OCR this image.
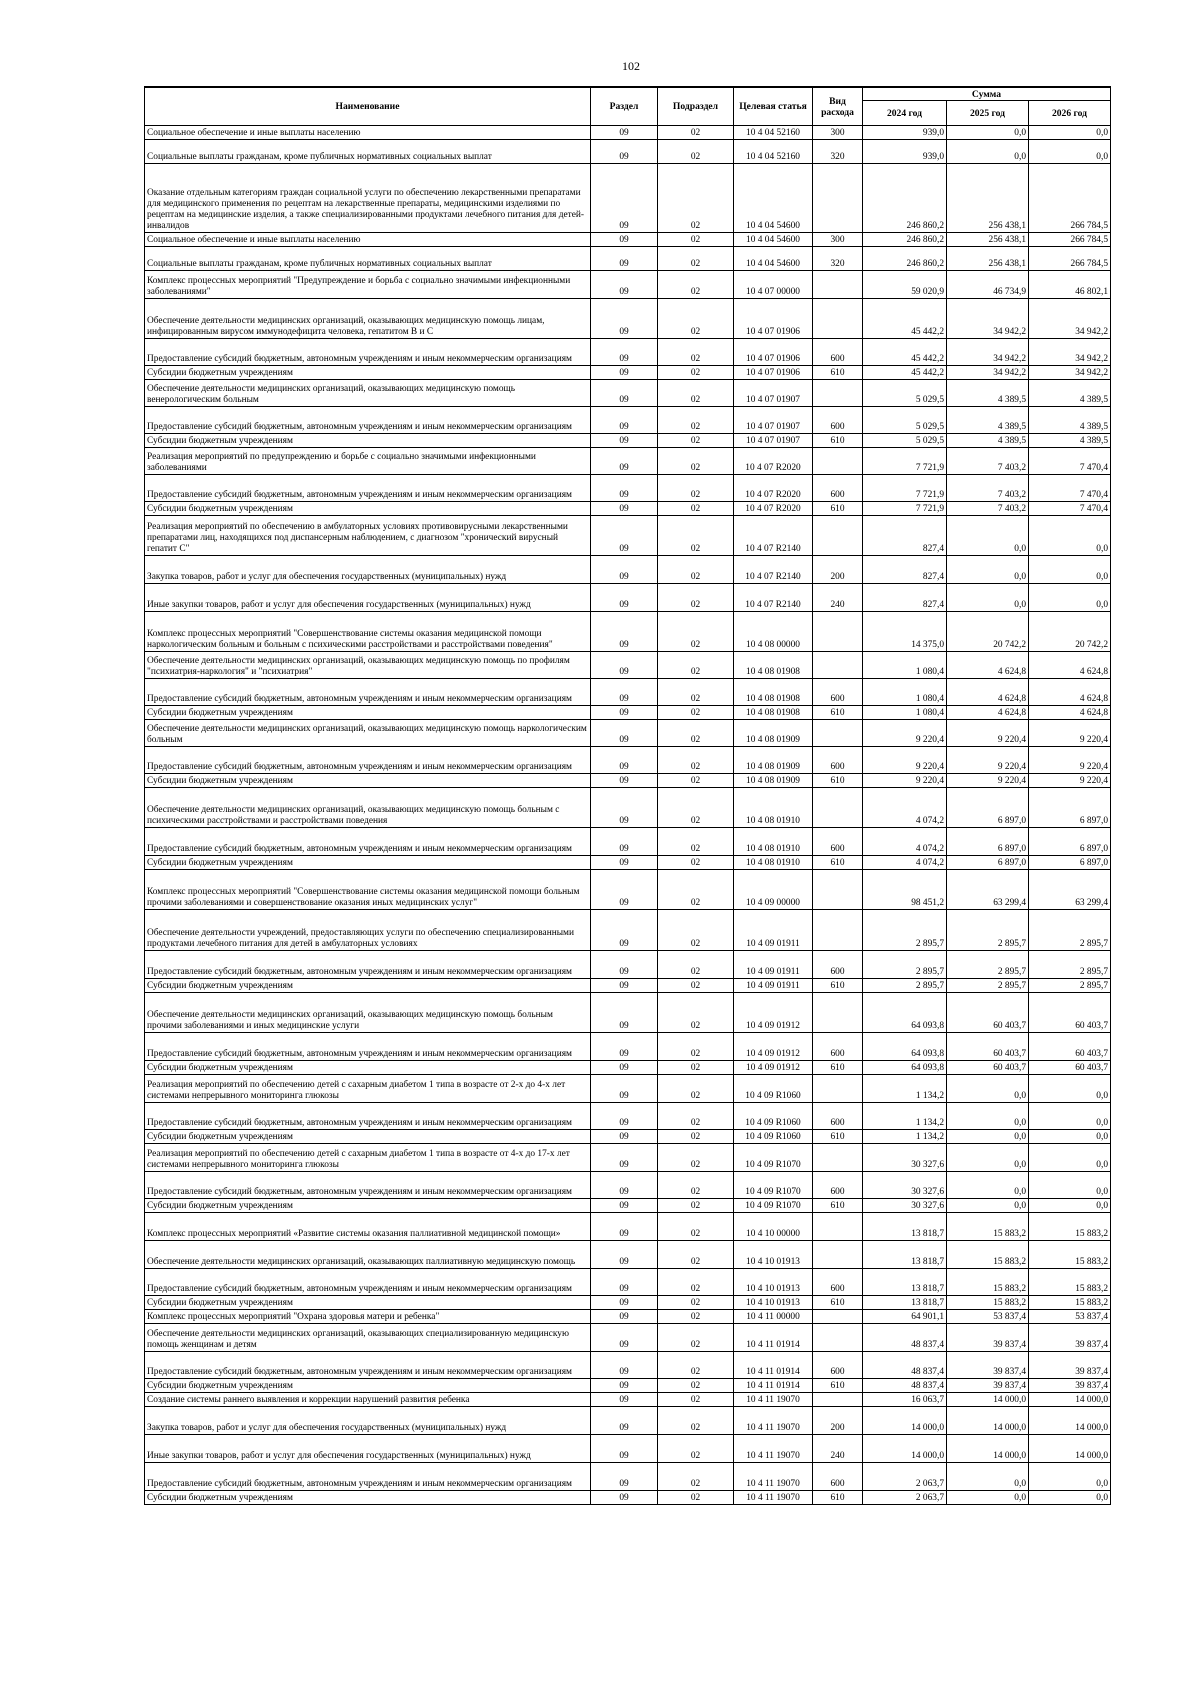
102
Наименование	Раздел	Подраздел	Целевая статья	Вид расхода	Сумма		
					2024 год	2025 год	2026 год
Социальное обеспечение и иные выплаты населению	09	02	10 4 04 52160	300	939,0	0,0	0,0
Социальные выплаты гражданам, кроме публичных нормативных социальных выплат	09	02	10 4 04 52160	320	939,0	0,0	0,0
Оказание отдельным категориям граждан социальной услуги по обеспечению лекарственными препаратами для медицинского применения по рецептам на лекарственные препараты, медицинскими изделиями по рецептам на медицинские изделия, а также специализированными продуктами лечебного питания для детей-инвалидов	09	02	10 4 04 54600		246 860,2	256 438,1	266 784,5
Социальное обеспечение и иные выплаты населению	09	02	10 4 04 54600	300	246 860,2	256 438,1	266 784,5
Социальные выплаты гражданам, кроме публичных нормативных социальных выплат	09	02	10 4 04 54600	320	246 860,2	256 438,1	266 784,5
Комплекс процессных мероприятий "Предупреждение и борьба с социально значимыми инфекционными заболеваниями"	09	02	10 4 07 00000		59 020,9	46 734,9	46 802,1
Обеспечение деятельности медицинских организаций, оказывающих медицинскую помощь лицам, инфицированным вирусом иммунодефицита человека, гепатитом В и С	09	02	10 4 07 01906		45 442,2	34 942,2	34 942,2
Предоставление субсидий бюджетным, автономным учреждениям и иным некоммерческим организациям	09	02	10 4 07 01906	600	45 442,2	34 942,2	34 942,2
Субсидии бюджетным учреждениям	09	02	10 4 07 01906	610	45 442,2	34 942,2	34 942,2
Обеспечение деятельности медицинских организаций, оказывающих медицинскую помощь венерологическим больным	09	02	10 4 07 01907		5 029,5	4 389,5	4 389,5
Предоставление субсидий бюджетным, автономным учреждениям и иным некоммерческим организациям	09	02	10 4 07 01907	600	5 029,5	4 389,5	4 389,5
Субсидии бюджетным учреждениям	09	02	10 4 07 01907	610	5 029,5	4 389,5	4 389,5
Реализация мероприятий по предупреждению и борьбе с социально значимыми инфекционными заболеваниями	09	02	10 4 07 R2020		7 721,9	7 403,2	7 470,4
Предоставление субсидий бюджетным, автономным учреждениям и иным некоммерческим организациям	09	02	10 4 07 R2020	600	7 721,9	7 403,2	7 470,4
Субсидии бюджетным учреждениям	09	02	10 4 07 R2020	610	7 721,9	7 403,2	7 470,4
Реализация мероприятий по обеспечению в амбулаторных условиях противовирусными лекарственными препаратами лиц, находящихся под диспансерным наблюдением, с диагнозом "хронический вирусный гепатит С"	09	02	10 4 07 R2140		827,4	0,0	0,0
Закупка товаров, работ и услуг для обеспечения государственных (муниципальных) нужд	09	02	10 4 07 R2140	200	827,4	0,0	0,0
Иные закупки товаров, работ и услуг для обеспечения государственных (муниципальных) нужд	09	02	10 4 07 R2140	240	827,4	0,0	0,0
Комплекс процессных мероприятий "Совершенствование системы оказания медицинской помощи наркологическим больным и больным с психическими расстройствами и расстройствами поведения"	09	02	10 4 08 00000		14 375,0	20 742,2	20 742,2
Обеспечение деятельности медицинских организаций, оказывающих медицинскую помощь по профилям "психиатрия-наркология" и "психиатрия"	09	02	10 4 08 01908		1 080,4	4 624,8	4 624,8
Предоставление субсидий бюджетным, автономным учреждениям и иным некоммерческим организациям	09	02	10 4 08 01908	600	1 080,4	4 624,8	4 624,8
Субсидии бюджетным учреждениям	09	02	10 4 08 01908	610	1 080,4	4 624,8	4 624,8
Обеспечение деятельности медицинских организаций, оказывающих медицинскую помощь наркологическим больным	09	02	10 4 08 01909		9 220,4	9 220,4	9 220,4
Предоставление субсидий бюджетным, автономным учреждениям и иным некоммерческим организациям	09	02	10 4 08 01909	600	9 220,4	9 220,4	9 220,4
Субсидии бюджетным учреждениям	09	02	10 4 08 01909	610	9 220,4	9 220,4	9 220,4
Обеспечение деятельности медицинских организаций, оказывающих медицинскую помощь больным с психическими расстройствами и расстройствами поведения	09	02	10 4 08 01910		4 074,2	6 897,0	6 897,0
Предоставление субсидий бюджетным, автономным учреждениям и иным некоммерческим организациям	09	02	10 4 08 01910	600	4 074,2	6 897,0	6 897,0
Субсидии бюджетным учреждениям	09	02	10 4 08 01910	610	4 074,2	6 897,0	6 897,0
Комплекс процессных мероприятий "Совершенствование системы оказания медицинской помощи больным прочими заболеваниями и совершенствование оказания иных медицинских услуг"	09	02	10 4 09 00000		98 451,2	63 299,4	63 299,4
Обеспечение деятельности учреждений, предоставляющих услуги по обеспечению специализированными продуктами лечебного питания для детей в амбулаторных условиях	09	02	10 4 09 01911		2 895,7	2 895,7	2 895,7
Предоставление субсидий бюджетным, автономным учреждениям и иным некоммерческим организациям	09	02	10 4 09 01911	600	2 895,7	2 895,7	2 895,7
Субсидии бюджетным учреждениям	09	02	10 4 09 01911	610	2 895,7	2 895,7	2 895,7
Обеспечение деятельности медицинских организаций, оказывающих медицинскую помощь больным прочими заболеваниями и иных медицинские услуги	09	02	10 4 09 01912		64 093,8	60 403,7	60 403,7
Предоставление субсидий бюджетным, автономным учреждениям и иным некоммерческим организациям	09	02	10 4 09 01912	600	64 093,8	60 403,7	60 403,7
Субсидии бюджетным учреждениям	09	02	10 4 09 01912	610	64 093,8	60 403,7	60 403,7
Реализация мероприятий по обеспечению детей с сахарным диабетом 1 типа в возрасте от 2-х до 4-х лет системами непрерывного мониторинга глюкозы	09	02	10 4 09 R1060		1 134,2	0,0	0,0
Предоставление субсидий бюджетным, автономным учреждениям и иным некоммерческим организациям	09	02	10 4 09 R1060	600	1 134,2	0,0	0,0
Субсидии бюджетным учреждениям	09	02	10 4 09 R1060	610	1 134,2	0,0	0,0
Реализация мероприятий по обеспечению детей с сахарным диабетом 1 типа в возрасте от 4-х до 17-х лет системами непрерывного мониторинга глюкозы	09	02	10 4 09 R1070		30 327,6	0,0	0,0
Предоставление субсидий бюджетным, автономным учреждениям и иным некоммерческим организациям	09	02	10 4 09 R1070	600	30 327,6	0,0	0,0
Субсидии бюджетным учреждениям	09	02	10 4 09 R1070	610	30 327,6	0,0	0,0
Комплекс процессных мероприятий «Развитие системы оказания паллиативной медицинской помощи»	09	02	10 4 10 00000		13 818,7	15 883,2	15 883,2
Обеспечение деятельности медицинских организаций, оказывающих паллиативную медицинскую помощь	09	02	10 4 10 01913		13 818,7	15 883,2	15 883,2
Предоставление субсидий бюджетным, автономным учреждениям и иным некоммерческим организациям	09	02	10 4 10 01913	600	13 818,7	15 883,2	15 883,2
Субсидии бюджетным учреждениям	09	02	10 4 10 01913	610	13 818,7	15 883,2	15 883,2
Комплекс процессных мероприятий "Охрана здоровья матери и ребенка"	09	02	10 4 11 00000		64 901,1	53 837,4	53 837,4
Обеспечение деятельности медицинских организаций, оказывающих специализированную медицинскую помощь женщинам и детям	09	02	10 4 11 01914		48 837,4	39 837,4	39 837,4
Предоставление субсидий бюджетным, автономным учреждениям и иным некоммерческим организациям	09	02	10 4 11 01914	600	48 837,4	39 837,4	39 837,4
Субсидии бюджетным учреждениям	09	02	10 4 11 01914	610	48 837,4	39 837,4	39 837,4
Создание системы раннего выявления и коррекции нарушений развития ребенка	09	02	10 4 11 19070		16 063,7	14 000,0	14 000,0
Закупка товаров, работ и услуг для обеспечения государственных (муниципальных) нужд	09	02	10 4 11 19070	200	14 000,0	14 000,0	14 000,0
Иные закупки товаров, работ и услуг для обеспечения государственных (муниципальных) нужд	09	02	10 4 11 19070	240	14 000,0	14 000,0	14 000,0
Предоставление субсидий бюджетным, автономным учреждениям и иным некоммерческим организациям	09	02	10 4 11 19070	600	2 063,7	0,0	0,0
Субсидии бюджетным учреждениям	09	02	10 4 11 19070	610	2 063,7	0,0	0,0
